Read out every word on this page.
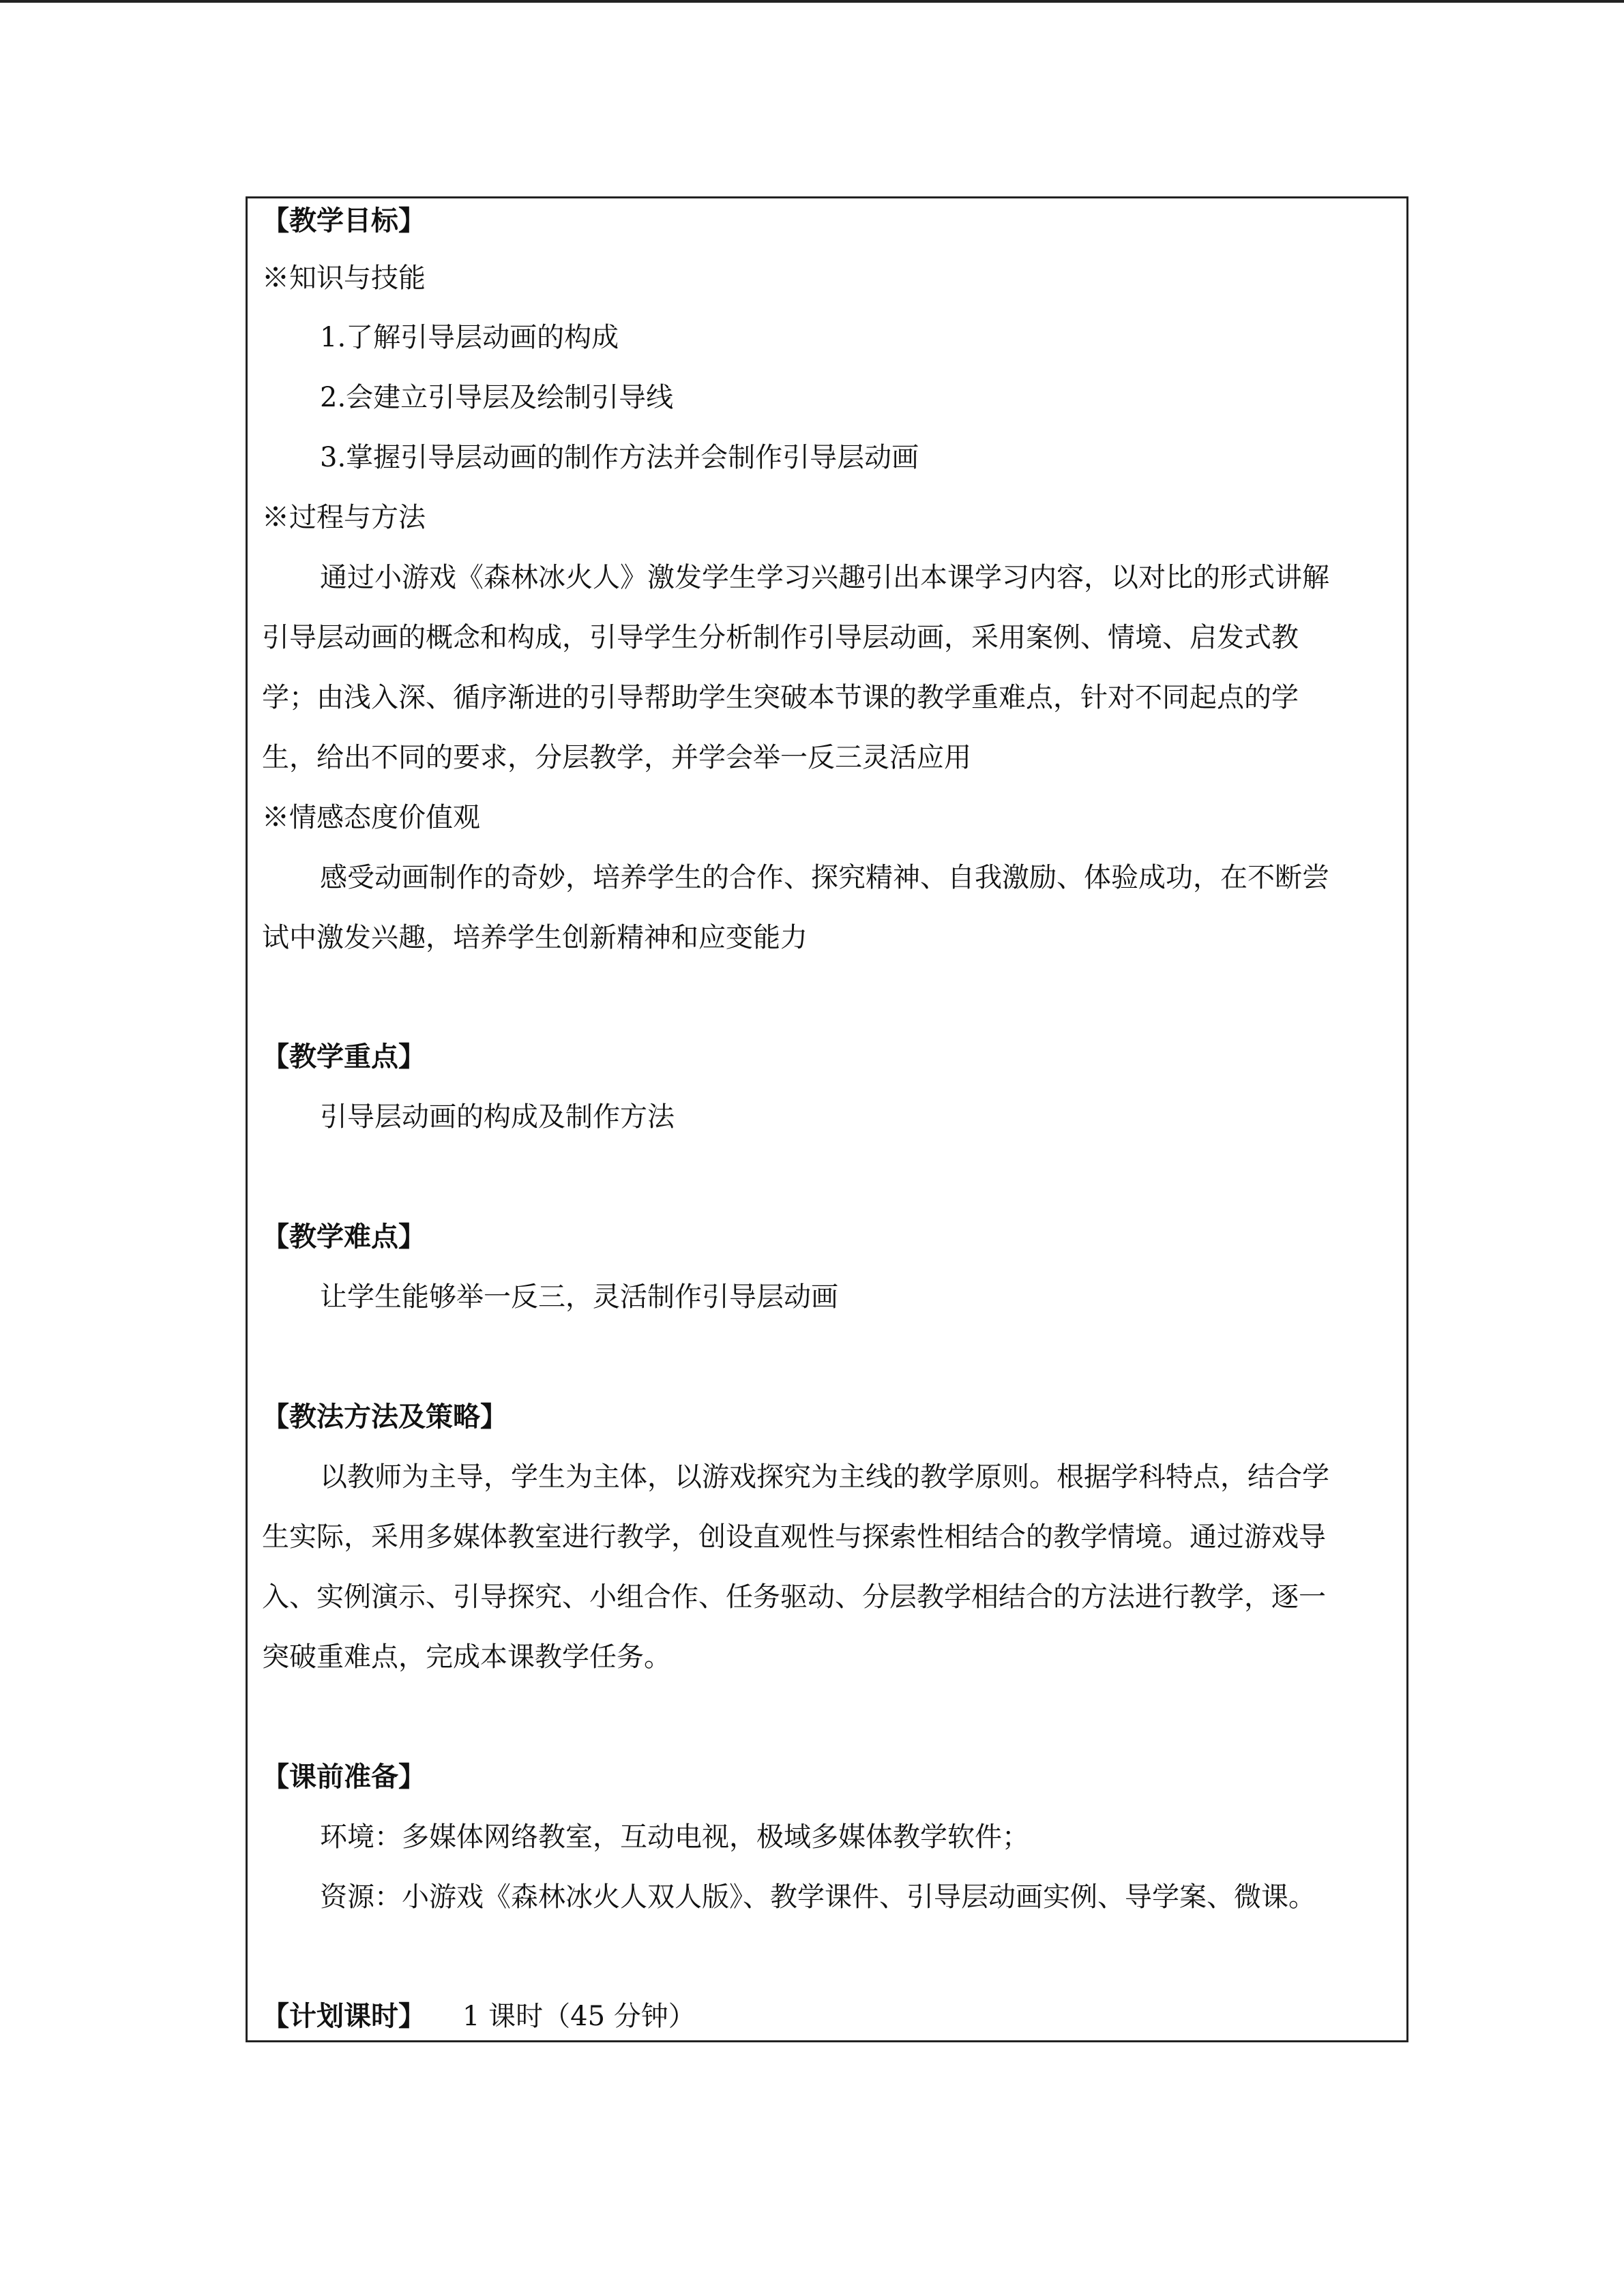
【教学目标】
※知识与技能
1.了解引导层动画的构成
2.会建立引导层及绘制引导线
3.掌握引导层动画的制作方法并会制作引导层动画
※过程与方法
通过小游戏《森林冰火人》激发学生学习兴趣引出本课学习内容，以对比的形式讲解
引导层动画的概念和构成，引导学生分析制作引导层动画，采用案例、情境、启发式教
学；由浅入深、循序渐进的引导帮助学生突破本节课的教学重难点，针对不同起点的学
生，给出不同的要求，分层教学，并学会举一反三灵活应用
※情感态度价值观
感受动画制作的奇妙，培养学生的合作、探究精神、自我激励、体验成功，在不断尝
试中激发兴趣，培养学生创新精神和应变能力
【教学重点】
引导层动画的构成及制作方法
【教学难点】
让学生能够举一反三，灵活制作引导层动画
【教法方法及策略】
以教师为主导，学生为主体，以游戏探究为主线的教学原则。根据学科特点，结合学
生实际，采用多媒体教室进行教学，创设直观性与探索性相结合的教学情境。通过游戏导
入、实例演示、引导探究、小组合作、任务驱动、分层教学相结合的方法进行教学，逐一
突破重难点，完成本课教学任务。
【课前准备】
环境：多媒体网络教室，互动电视，极域多媒体教学软件；
资源：小游戏《森林冰火人双人版》、教学课件、引导层动画实例、导学案、微课。
【计划课时】 1 课时（45 分钟）
